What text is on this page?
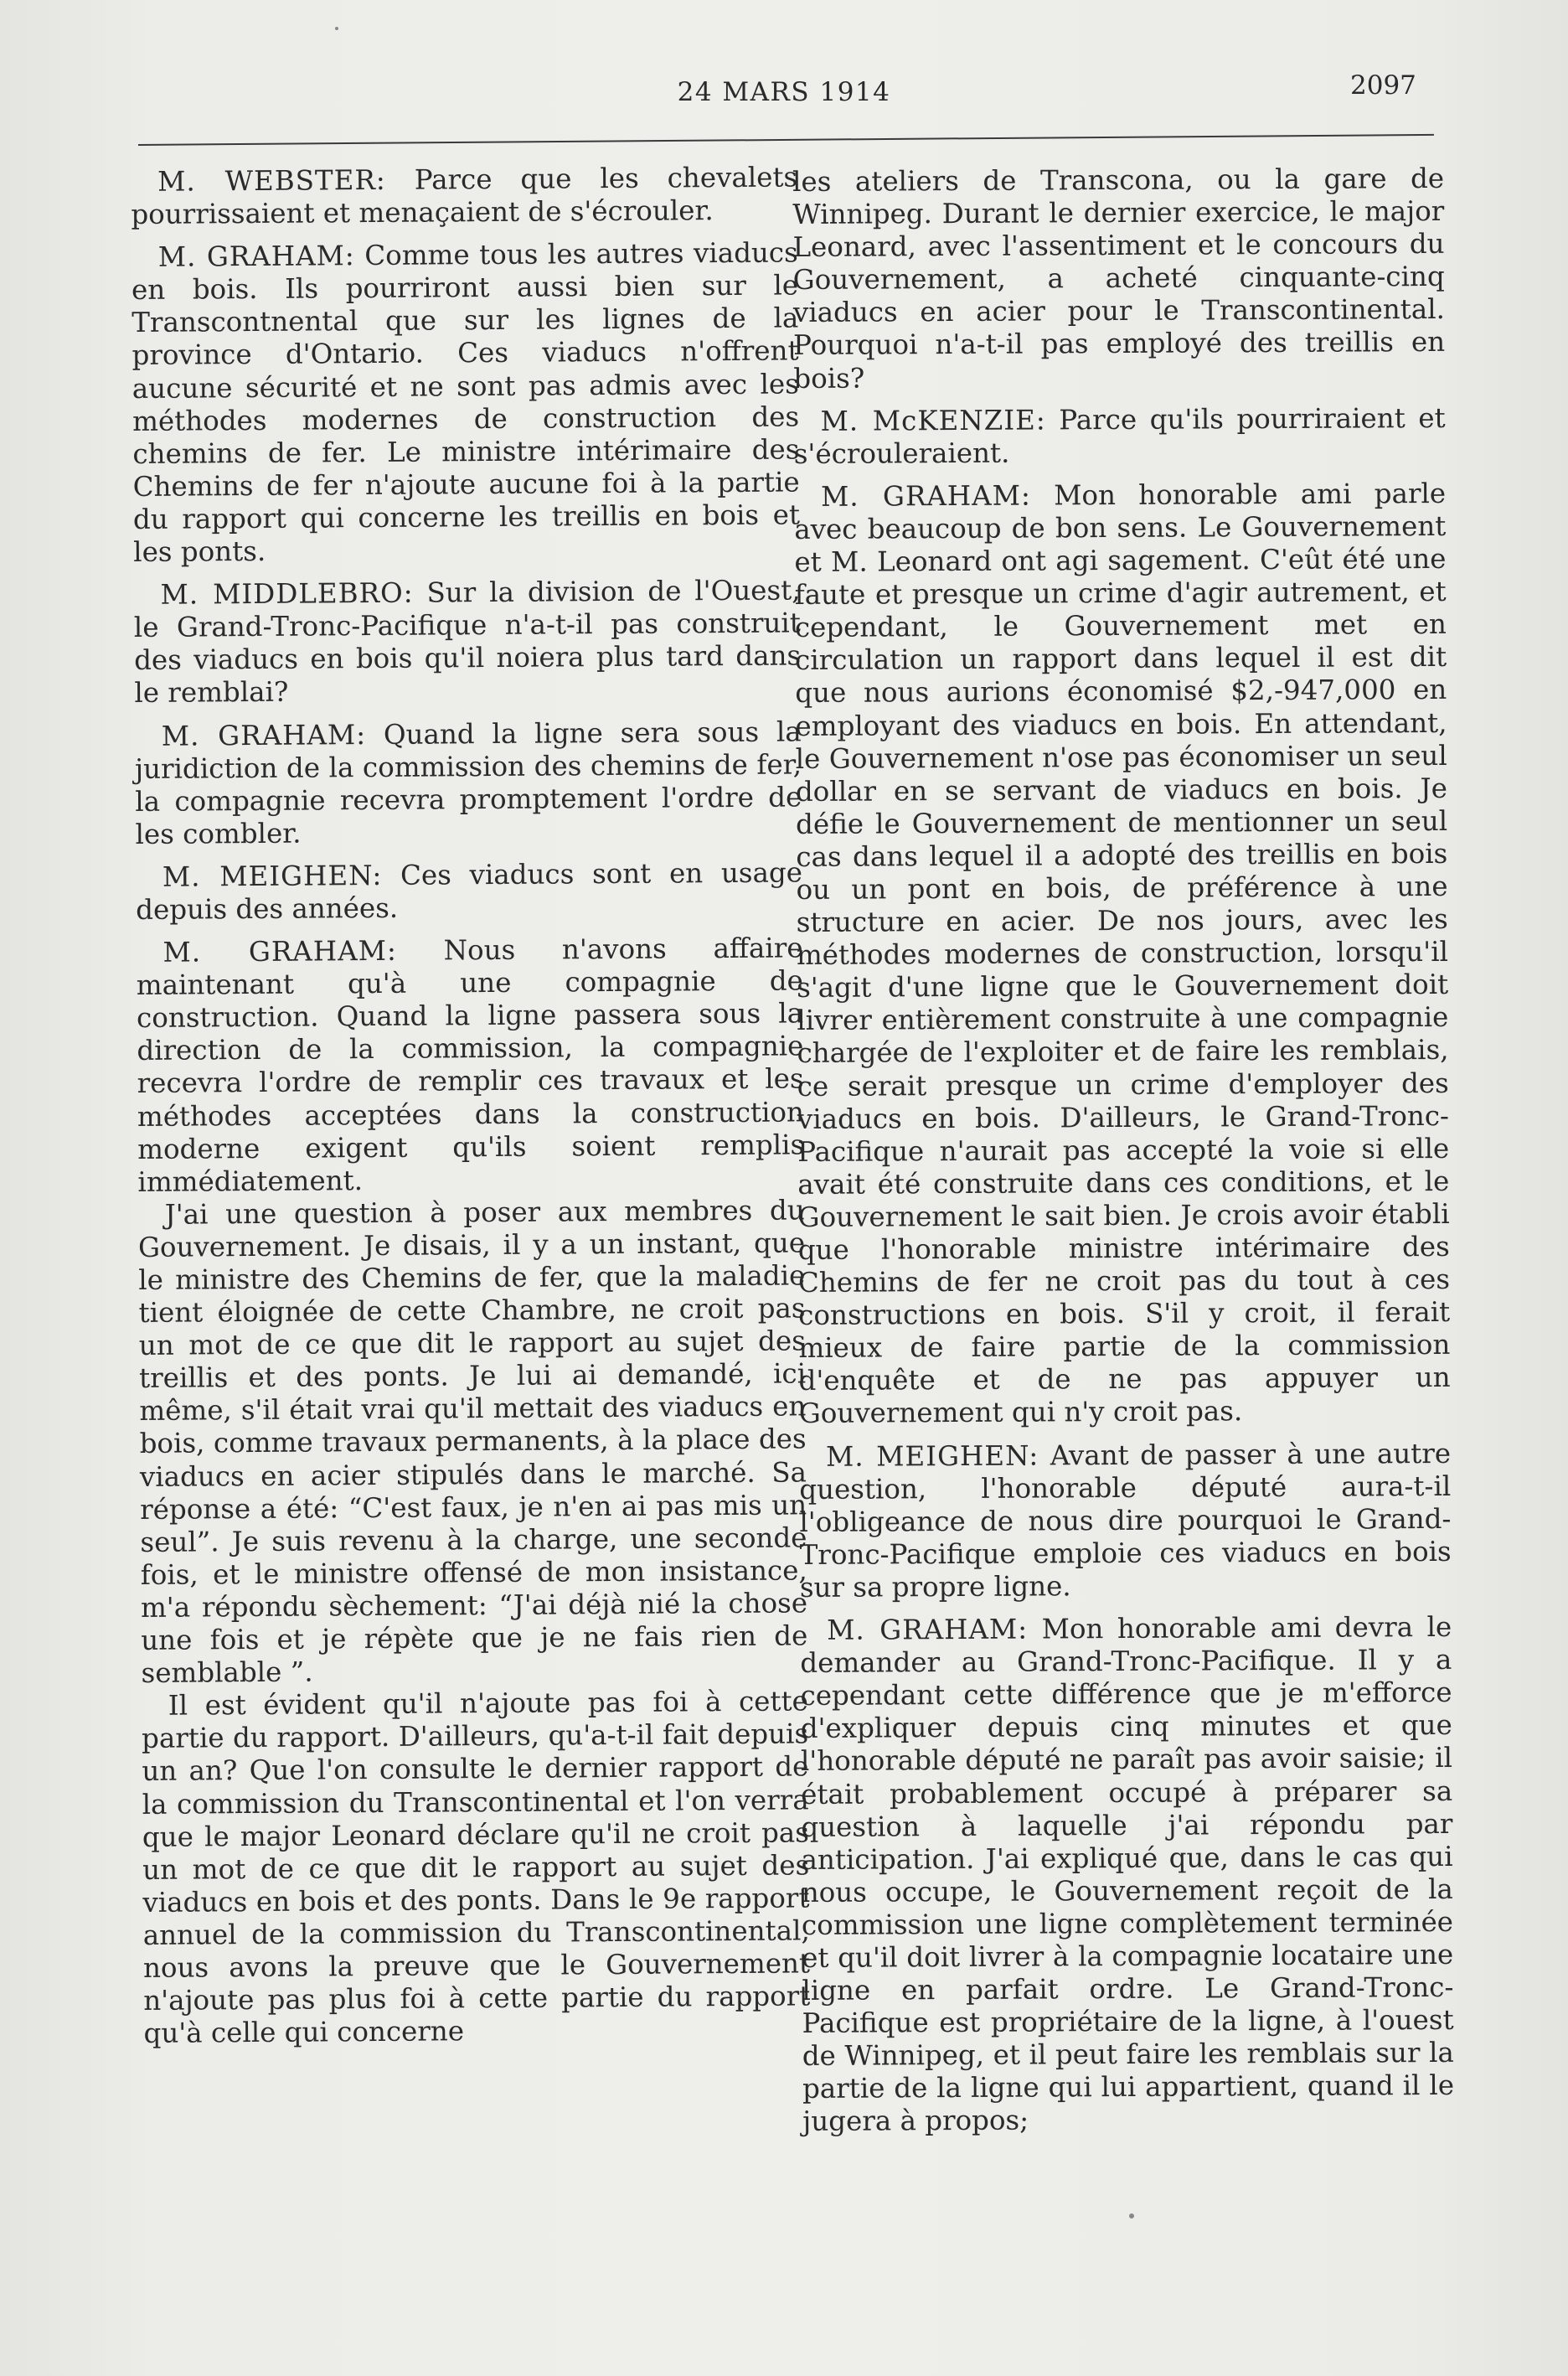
24 MARS 1914	2097

M. WEBSTER: Parce que les chevalets pourrissaient et menaçaient de s'écrouler.

M. GRAHAM: Comme tous les autres viaducs en bois. Ils pourriront aussi bien sur le Transcontnental que sur les lignes de la province d'Ontario. Ces viaducs n'offrent aucune sécurité et ne sont pas admis avec les méthodes modernes de construction des chemins de fer. Le ministre intérimaire des Chemins de fer n'ajoute aucune foi à la partie du rapport qui concerne les treillis en bois et les ponts.

M. MIDDLEBRO: Sur la division de l'Ouest, le Grand-Tronc-Pacifique n'a-t-il pas construit des viaducs en bois qu'il noiera plus tard dans le remblai?

M. GRAHAM: Quand la ligne sera sous la juridiction de la commission des chemins de fer, la compagnie recevra promptement l'ordre de les combler.

M. MEIGHEN: Ces viaducs sont en usage depuis des années.

M. GRAHAM: Nous n'avons affaire maintenant qu'à une compagnie de construction. Quand la ligne passera sous la direction de la commission, la compagnie recevra l'ordre de remplir ces travaux et les méthodes acceptées dans la construction moderne exigent qu'ils soient remplis immédiatement.

J'ai une question à poser aux membres du Gouvernement. Je disais, il y a un instant, que le ministre des Chemins de fer, que la maladie tient éloignée de cette Chambre, ne croit pas un mot de ce que dit le rapport au sujet des treillis et des ponts. Je lui ai demandé, ici même, s'il était vrai qu'il mettait des viaducs en bois, comme travaux permanents, à la place des viaducs en acier stipulés dans le marché. Sa réponse a été: “C'est faux, je n'en ai pas mis un seul”. Je suis revenu à la charge, une seconde fois, et le ministre offensé de mon insistance, m'a répondu sèchement: “J'ai déjà nié la chose une fois et je répète que je ne fais rien de semblable ”.

Il est évident qu'il n'ajoute pas foi à cette partie du rapport. D'ailleurs, qu'a-t-il fait depuis un an? Que l'on consulte le dernier rapport de la commission du Transcontinental et l'on verra que le major Leonard déclare qu'il ne croit pas un mot de ce que dit le rapport au sujet des viaducs en bois et des ponts. Dans le 9e rapport annuel de la commission du Transcontinental, nous avons la preuve que le Gouvernement n'ajoute pas plus foi à cette partie du rapport qu'à celle qui concerne

les ateliers de Transcona, ou la gare de Winnipeg. Durant le dernier exercice, le major Leonard, avec l'assentiment et le concours du Gouvernement, a acheté cinquante-cinq viaducs en acier pour le Transcontinental. Pourquoi n'a-t-il pas employé des treillis en bois?

M. McKENZIE: Parce qu'ils pourriraient et s'écrouleraient.

M. GRAHAM: Mon honorable ami parle avec beaucoup de bon sens. Le Gouvernement et M. Leonard ont agi sagement. C'eût été une faute et presque un crime d'agir autrement, et cependant, le Gouvernement met en circulation un rapport dans lequel il est dit que nous aurions économisé $2,-947,000 en employant des viaducs en bois. En attendant, le Gouvernement n'ose pas économiser un seul dollar en se servant de viaducs en bois. Je défie le Gouvernement de mentionner un seul cas dans lequel il a adopté des treillis en bois ou un pont en bois, de préférence à une structure en acier. De nos jours, avec les méthodes modernes de construction, lorsqu'il s'agit d'une ligne que le Gouvernement doit livrer entièrement construite à une compagnie chargée de l'exploiter et de faire les remblais, ce serait presque un crime d'employer des viaducs en bois. D'ailleurs, le Grand-Tronc-Pacifique n'aurait pas accepté la voie si elle avait été construite dans ces conditions, et le Gouvernement le sait bien. Je crois avoir établi que l'honorable ministre intérimaire des Chemins de fer ne croit pas du tout à ces constructions en bois. S'il y croit, il ferait mieux de faire partie de la commission d'enquête et de ne pas appuyer un Gouvernement qui n'y croit pas.

M. MEIGHEN: Avant de passer à une autre question, l'honorable député aura-t-il l'obligeance de nous dire pourquoi le Grand-Tronc-Pacifique emploie ces viaducs en bois sur sa propre ligne.

M. GRAHAM: Mon honorable ami devra le demander au Grand-Tronc-Pacifique. Il y a cependant cette différence que je m'efforce d'expliquer depuis cinq minutes et que l'honorable député ne paraît pas avoir saisie; il était probablement occupé à préparer sa question à laquelle j'ai répondu par anticipation. J'ai expliqué que, dans le cas qui nous occupe, le Gouvernement reçoit de la commission une ligne complètement terminée et qu'il doit livrer à la compagnie locataire une ligne en parfait ordre. Le Grand-Tronc-Pacifique est propriétaire de la ligne, à l'ouest de Winnipeg, et il peut faire les remblais sur la partie de la ligne qui lui appartient, quand il le jugera à propos;
